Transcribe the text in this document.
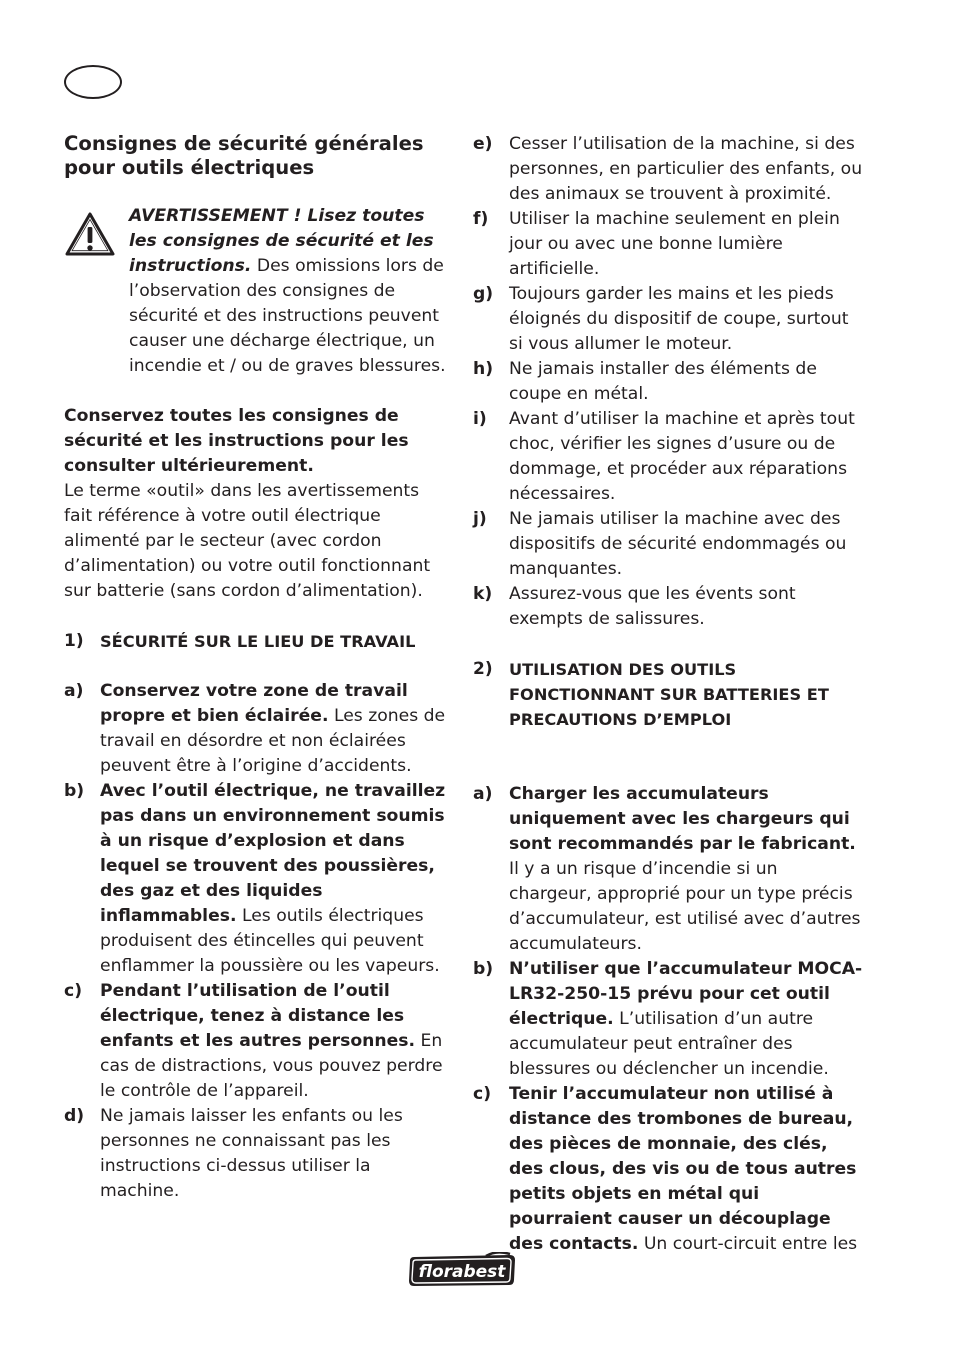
Consignes de sécurité générales pour outils électriques
AVERTISSEMENT ! Lisez toutes les consignes de sécurité et les instructions. Des omissions lors de l’observation des consignes de sécurité et des instructions peuvent causer une décharge électrique, un incendie et / ou de graves blessures.
Conservez toutes les consignes de sécurité et les instructions pour les consulter ultérieurement.
Le terme «outil» dans les avertissements fait référence à votre outil électrique alimenté par le secteur (avec cordon d’alimentation) ou votre outil fonctionnant sur batterie (sans cordon d’alimentation).
1) SÉCURITÉ SUR LE LIEU DE TRAVAIL
a) Conservez votre zone de travail propre et bien éclairée. Les zones de travail en désordre et non éclairées peuvent être à l’origine d’accidents.
b) Avec l’outil électrique, ne travaillez pas dans un environnement soumis à un risque d’explosion et dans lequel se trouvent des poussières, des gaz et des liquides inflammables. Les outils électriques produisent des étincelles qui peuvent enflammer la poussière ou les vapeurs.
c) Pendant l’utilisation de l’outil électrique, tenez à distance les enfants et les autres personnes. En cas de distractions, vous pouvez perdre le contrôle de l’appareil.
d) Ne jamais laisser les enfants ou les personnes ne connaissant pas les instructions ci-dessus utiliser la machine.
e) Cesser l’utilisation de la machine, si des personnes, en particulier des enfants, ou des animaux se trouvent à proximité.
f) Utiliser la machine seulement en plein jour ou avec une bonne lumière artificielle.
g) Toujours garder les mains et les pieds éloignés du dispositif de coupe, surtout si vous allumer le moteur.
h) Ne jamais installer des éléments de coupe en métal.
i) Avant d’utiliser la machine et après tout choc, vérifier les signes d’usure ou de dommage, et procéder aux réparations nécessaires.
j) Ne jamais utiliser la machine avec des dispositifs de sécurité endommagés ou manquantes.
k) Assurez-vous que les évents sont exempts de salissures.
2) UTILISATION DES OUTILS FONCTIONNANT SUR BATTERIES ET PRECAUTIONS D’EMPLOI
a) Charger les accumulateurs uniquement avec les chargeurs qui sont recommandés par le fabricant. Il y a un risque d’incendie si un chargeur, approprié pour un type précis d’accumulateur, est utilisé avec d’autres accumulateurs.
b) N’utiliser que l’accumulateur MOCA-LR32-250-15 prévu pour cet outil électrique. L’utilisation d’un autre accumulateur peut entraîner des blessures ou déclencher un incendie.
c) Tenir l’accumulateur non utilisé à distance des trombones de bureau, des pièces de monnaie, des clés, des clous, des vis ou de tous autres petits objets en métal qui pourraient causer un découplage des contacts. Un court-circuit entre les
florabest
